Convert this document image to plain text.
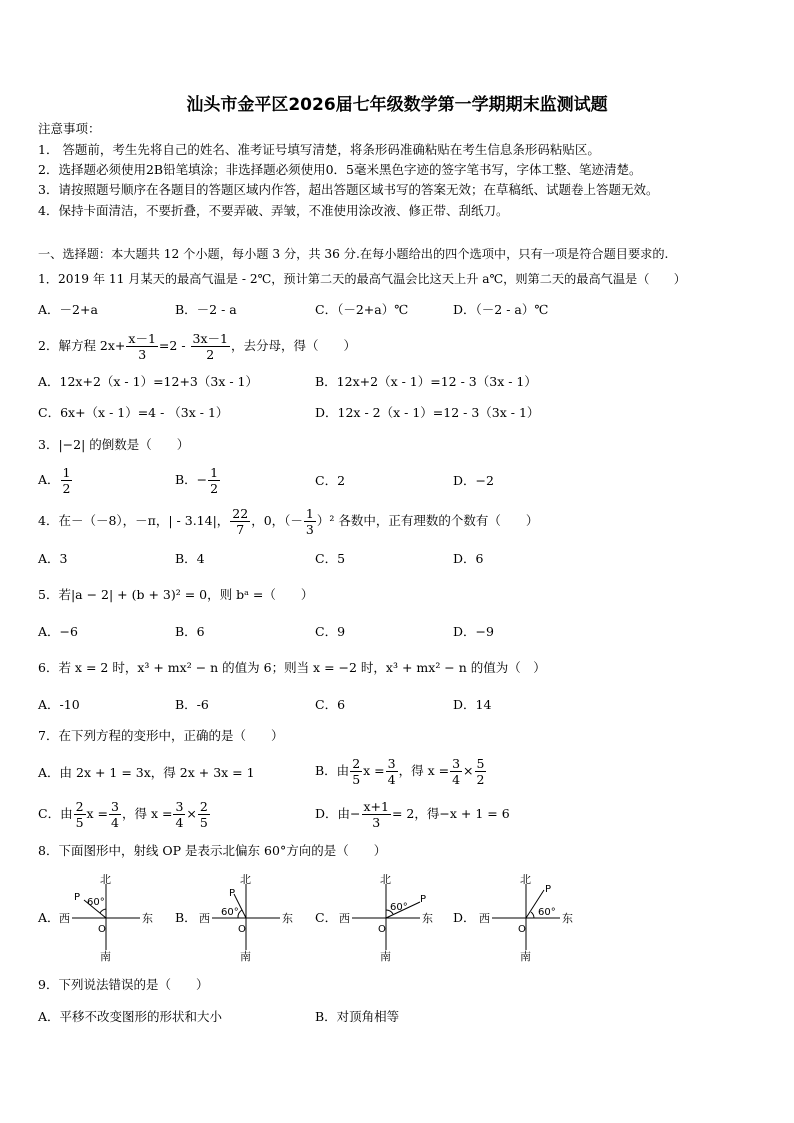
汕头市金平区2026届七年级数学第一学期期末监测试题
注意事项：
1． 答题前，考生先将自己的姓名、准考证号填写清楚，将条形码准确粘贴在考生信息条形码粘贴区。
2．选择题必须使用2B铅笔填涂；非选择题必须使用0．5毫米黑色字迹的签字笔书写，字体工整、笔迹清楚。
3．请按照题号顺序在各题目的答题区域内作答，超出答题区域书写的答案无效；在草稿纸、试题卷上答题无效。
4．保持卡面清洁，不要折叠，不要弄破、弄皱，不准使用涂改液、修正带、刮纸刀。
一、选择题：本大题共 12 个小题，每小题 3 分，共 36 分.在每小题给出的四个选项中，只有一项是符合题目要求的.
1．2019 年 11 月某天的最高气温是 - 2℃，预计第二天的最高气温会比这天上升 a℃，则第二天的最高气温是（　　）
A．－2+a	B．－2 - a	C．（－2+a）℃	D．（－2 - a）℃
2．解方程 $2x+ \frac{x-1}{3} =2 - \frac{3x-1}{2}$ ，去分母，得（　　）
A．12x+2（x - 1）=12+3（3x - 1）	B．12x+2（x - 1）=12 - 3（3x - 1）
C．6x+（x - 1）=4 - （3x - 1）	D．12x - 2（x - 1）=12 - 3（3x - 1）
3．|−2| 的倒数是（　　）
A． $\frac{1}{2}$	B．− $\frac{1}{2}$	C．2	D．−2
4．在－（－8），－π，| - 3.14|， $\frac{22}{7}$ ，0，（－ $\frac{1}{3} )^2$ 各数中，正有理数的个数有（　　）
A．3	B．4	C．5	D．6
5．若|a − 2| + (b + 3)² = 0，则 bᵃ =（　　）
A．−6	B．6	C．9	D．−9
6．若 x = 2 时，x³ + mx² − n 的值为 6；则当 x = −2 时，x³ + mx² − n 的值为（　）
A．-10	B．-6	C．6	D．14
7．在下列方程的变形中，正确的是（　　）
A．由 2x + 1 = 3x，得 2x + 3x = 1	B．由 $\frac{2}{5}$ $x = \frac{3}{4}$ ，得 $x = \frac{3}{4} \times \frac{5}{2}$
C．由 $\frac{2}{5}$ $x = \frac{3}{4}$ ，得 $x = \frac{3}{4} \times \frac{2}{5}$	D．由− $\frac{x+1}{3} = 2$，得−x + 1 = 6
8．下面图形中，射线 OP 是表示北偏东 60°方向的是（　　）
A．	B．	C．	D．
北
南
西	东
O
P 60°
北
南
西	东
O
P
60°
北
南
西	东
O
P
60°
北
南
西	东
O
P
60°
9．下列说法错误的是（　　）
A．平移不改变图形的形状和大小	B．对顶角相等
